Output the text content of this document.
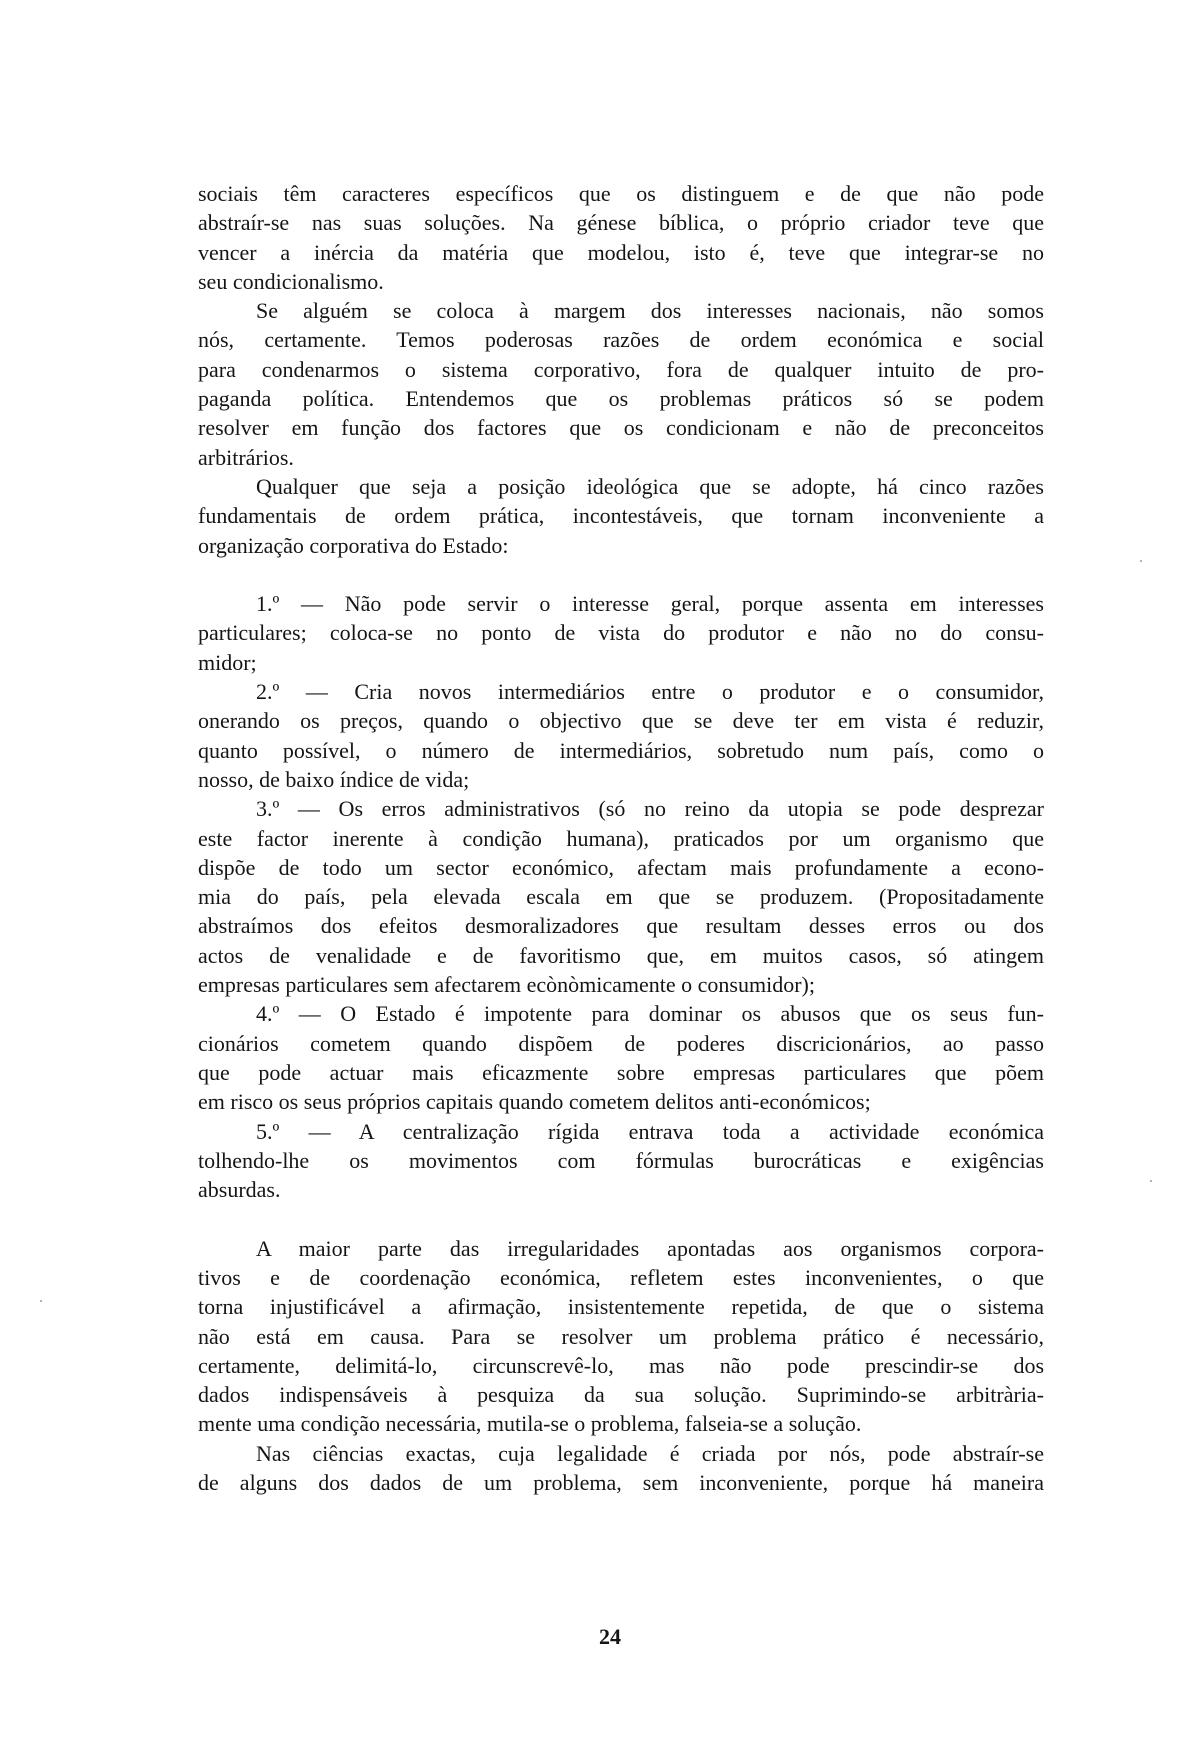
sociais têm caracteres específicos que os distinguem e de que não pode
abstraír-se nas suas soluções. Na génese bíblica, o próprio criador teve que
vencer a inércia da matéria que modelou, isto é, teve que integrar-se no
seu condicionalismo.
Se alguém se coloca à margem dos interesses nacionais, não somos
nós, certamente. Temos poderosas razões de ordem económica e social
para condenarmos o sistema corporativo, fora de qualquer intuito de pro-
paganda política. Entendemos que os problemas práticos só se podem
resolver em função dos factores que os condicionam e não de preconceitos
arbitrários.
Qualquer que seja a posição ideológica que se adopte, há cinco razões
fundamentais de ordem prática, incontestáveis, que tornam inconveniente a
organização corporativa do Estado:
1.º — Não pode servir o interesse geral, porque assenta em interesses
particulares; coloca-se no ponto de vista do produtor e não no do consu-
midor;
2.º — Cria novos intermediários entre o produtor e o consumidor,
onerando os preços, quando o objectivo que se deve ter em vista é reduzir,
quanto possível, o número de intermediários, sobretudo num país, como o
nosso, de baixo índice de vida;
3.º — Os erros administrativos (só no reino da utopia se pode desprezar
este factor inerente à condição humana), praticados por um organismo que
dispõe de todo um sector económico, afectam mais profundamente a econo-
mia do país, pela elevada escala em que se produzem. (Propositadamente
abstraímos dos efeitos desmoralizadores que resultam desses erros ou dos
actos de venalidade e de favoritismo que, em muitos casos, só atingem
empresas particulares sem afectarem ecònòmicamente o consumidor);
4.º — O Estado é impotente para dominar os abusos que os seus fun-
cionários cometem quando dispõem de poderes discricionários, ao passo
que pode actuar mais eficazmente sobre empresas particulares que põem
em risco os seus próprios capitais quando cometem delitos anti-económicos;
5.º — A centralização rígida entrava toda a actividade económica
tolhendo-lhe os movimentos com fórmulas burocráticas e exigências
absurdas.
A maior parte das irregularidades apontadas aos organismos corpora-
tivos e de coordenação económica, refletem estes inconvenientes, o que
torna injustificável a afirmação, insistentemente repetida, de que o sistema
não está em causa. Para se resolver um problema prático é necessário,
certamente, delimitá-lo, circunscrevê-lo, mas não pode prescindir-se dos
dados indispensáveis à pesquiza da sua solução. Suprimindo-se arbitrària-
mente uma condição necessária, mutila-se o problema, falseia-se a solução.
Nas ciências exactas, cuja legalidade é criada por nós, pode abstraír-se
de alguns dos dados de um problema, sem inconveniente, porque há maneira
24
